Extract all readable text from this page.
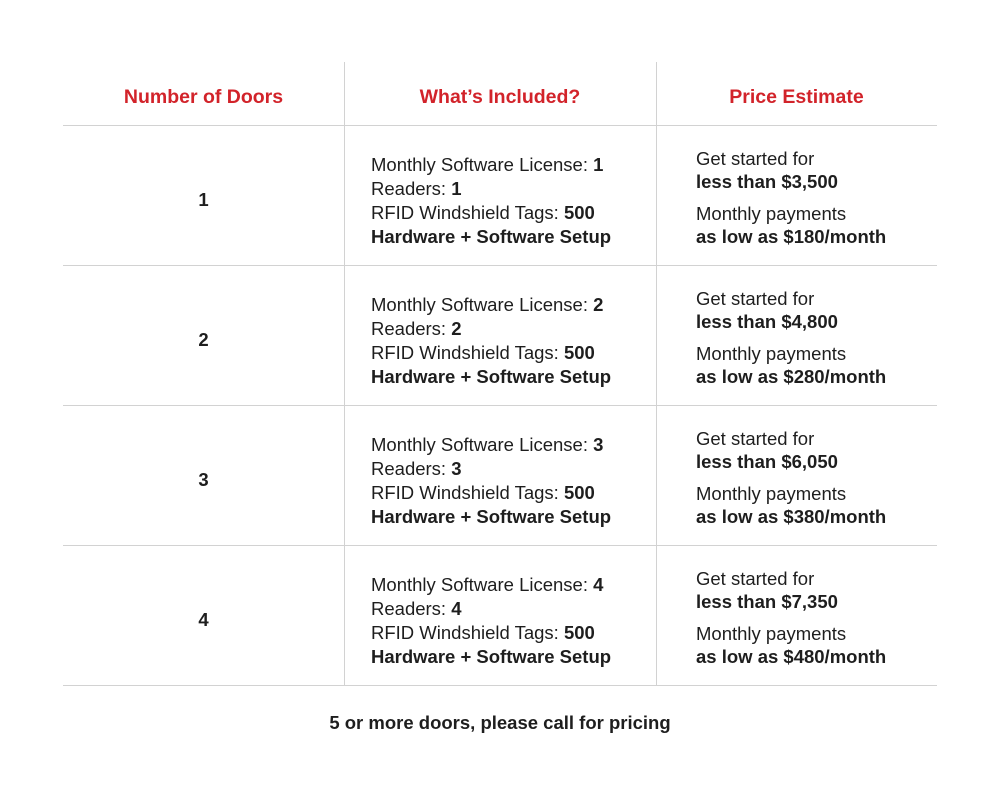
Number of Doors	What’s Included?	Price Estimate
1
Monthly Software License: 1
Readers: 1
RFID Windshield Tags: 500
Hardware + Software Setup
Get started for
less than $3,500
Monthly payments
as low as $180/month
2
Monthly Software License: 2
Readers: 2
RFID Windshield Tags: 500
Hardware + Software Setup
Get started for
less than $4,800
Monthly payments
as low as $280/month
3
Monthly Software License: 3
Readers: 3
RFID Windshield Tags: 500
Hardware + Software Setup
Get started for
less than $6,050
Monthly payments
as low as $380/month
4
Monthly Software License: 4
Readers: 4
RFID Windshield Tags: 500
Hardware + Software Setup
Get started for
less than $7,350
Monthly payments
as low as $480/month
5 or more doors, please call for pricing
